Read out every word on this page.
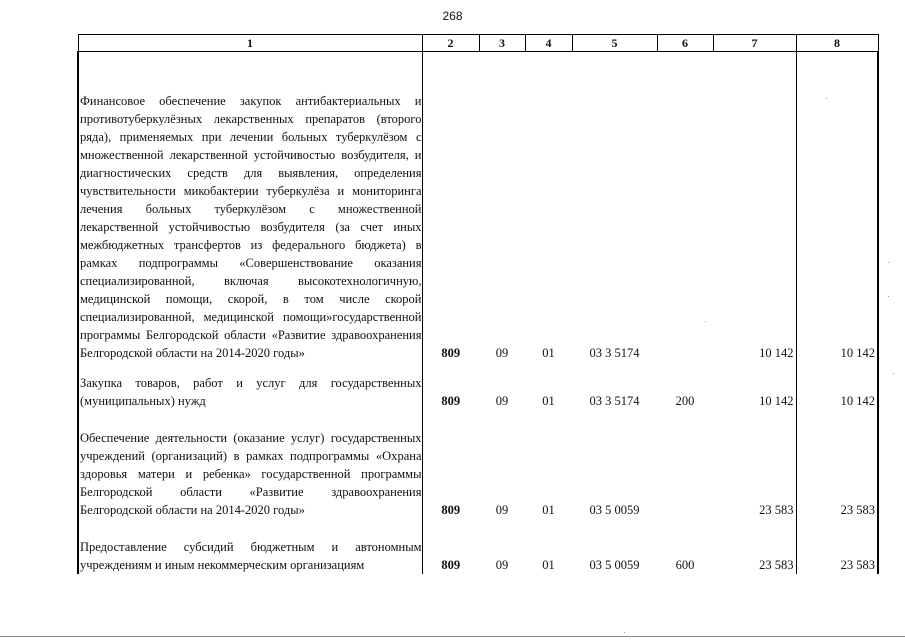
268
1	2	3	4	5	6	7	8

Финансовое обеспечение закупок антибактериальных и противотуберкулёзных лекарственных препаратов (второго ряда), применяемых при лечении больных туберкулёзом с множественной лекарственной устойчивостью возбудителя, и диагностических средств для выявления, определения чувствительности микобактерии туберкулёза и мониторинга лечения больных туберкулёзом с множественной лекарственной устойчивостью возбудителя (за счет иных межбюджетных трансфертов из федерального бюджета) в рамках подпрограммы «Совершенствование оказания специализированной, включая высокотехнологичную, медицинской помощи, скорой, в том числе скорой специализированной, медицинской помощи»государственной программы Белгородской области «Развитие здравоохранения Белгородской области на 2014-2020 годы»	809	09	01	03 3 5174		10 142	10 142
Закупка товаров, работ и услуг для государственных (муниципальных) нужд	809	09	01	03 3 5174	200	10 142	10 142
Обеспечение деятельности (оказание услуг) государственных учреждений (организаций) в рамках подпрограммы «Охрана здоровья матери и ребенка» государственной программы Белгородской области «Развитие здравоохранения Белгородской области на 2014-2020 годы»	809	09	01	03 5 0059		23 583	23 583
Предоставление субсидий бюджетным и автономным учреждениям и иным некоммерческим организациям	809	09	01	03 5 0059	600	23 583	23 583
